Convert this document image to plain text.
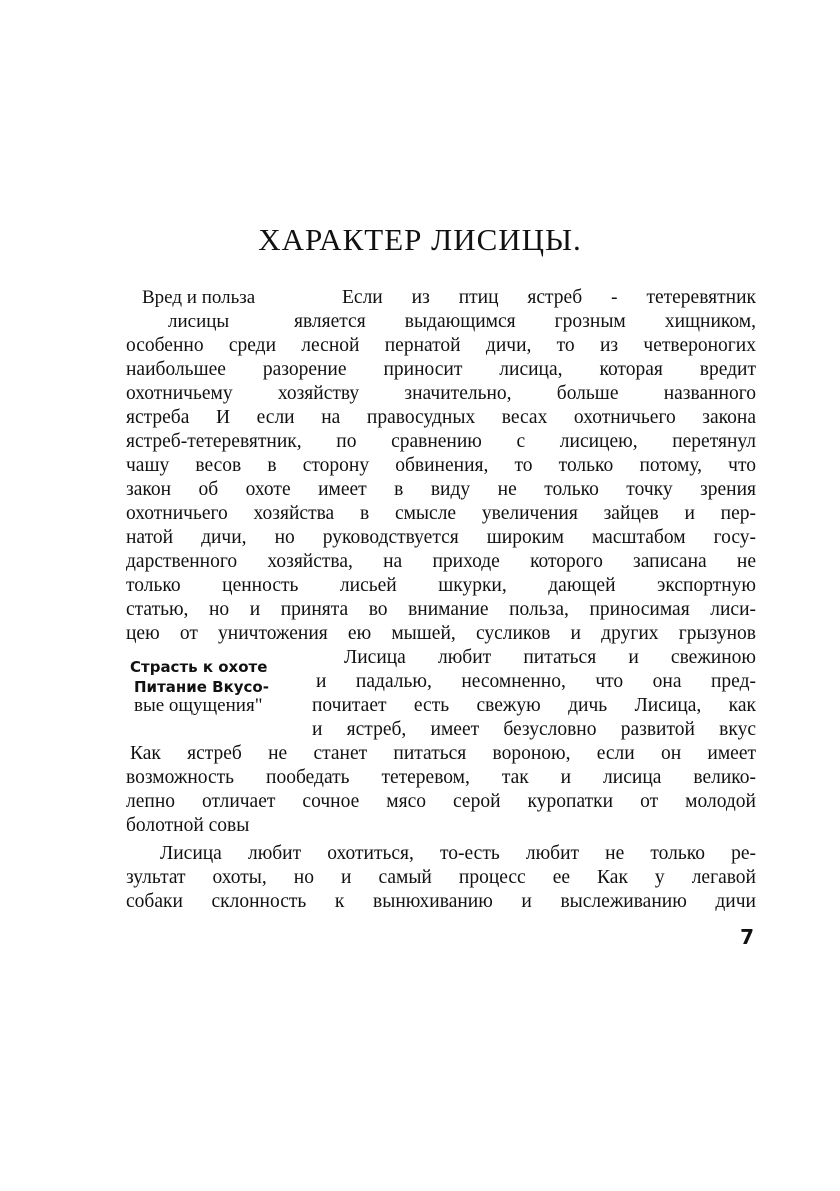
ХАРАКТЕР ЛИСИЦЫ.
Вред и польза	Если из птиц ястреб - тетеревятник
лисицы	является выдающимся грозным хищником,
особенно среди лесной пернатой дичи, то из четвероногих
наибольшее разорение приносит лисица, которая вредит
охотничьему хозяйству значительно, больше названного
ястреба И если на правосудных весах охотничьего закона
ястреб-тетеревятник, по сравнению с лисицею, перетянул
чашу весов в сторону обвинения, то только потому, что
закон об охоте имеет в виду не только точку зрения
охотничьего хозяйства в смысле увеличения зайцев и пер-
натой дичи, но руководствуется широким масштабом госу-
дарственного хозяйства, на приходе которого записана не
только ценность лисьей шкурки, дающей экспортную
статью, но и принята во внимание польза, приносимая лиси-
цею от уничтожения ею мышей, сусликов и других грызунов
Лисица любит питаться и свежиною
Страсть к охоте
и падалью, несомненно, что она пред-
Питание Вкусо-
вые ощущения"	почитает есть свежую дичь Лисица, как
и ястреб, имеет безусловно развитой вкус
Как ястреб не станет питаться вороною, если он имеет
возможность пообедать тетеревом, так и лисица велико-
лепно отличает сочное мясо серой куропатки от молодой
болотной совы
Лисица любит охотиться, то-есть любит не только ре-
зультат охоты, но и самый процесс ее Как у легавой
собаки склонность к вынюхиванию и выслеживанию дичи
7
